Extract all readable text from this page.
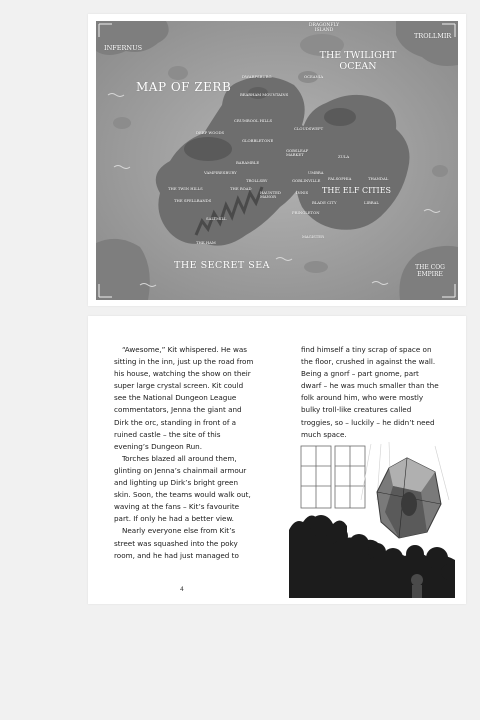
INFERNUS
TROLLMIR
DRAGONFLY ISLAND
THE TWILIGHT OCEAN
MAP OF ZERB
THE SECRET SEA	THE COG EMPIRE
THE ELF CITIES
DWARFSBURG
BEARHAM MOUNTAINS
CRUMBOOL HILLS
DEEP WOODS
GLOBBLETONE
GOBSLEAF MARKET
BARAMBLE
VAMPIRESBURY
THE TWIN HILLS
THE SPELLBANDS
THE ROAD
TROLLSBY
HAUNTED MANOR
SALTMILL
THE HAM
CLOUDSWEPT
UMBRA
ZULA
GOBLINVILLE FALSOPHIA	THANDAL
INNIS
BLADE CITY	LIBRAL
PRINGLETON
MAGISTER
OCEANIA

“Awesome,” Kit whispered. He was sitting in the inn, just up the road from his house, watching the show on their super large crystal screen. Kit could see the National Dungeon League commentators, Jenna the giant and Dirk the orc, standing in front of a ruined castle – the site of this evening’s Dungeon Run.

Torches blazed all around them, glinting on Jenna’s chainmail armour and lighting up Dirk’s bright green skin. Soon, the teams would walk out, waving at the fans – Kit’s favourite part. If only he had a better view.

Nearly everyone else from Kit’s street was squashed into the poky room, and he had just managed to

find himself a tiny scrap of space on the floor, crushed in against the wall. Being a gnorf – part gnome, part dwarf – he was much smaller than the folk around him, who were mostly bulky troll-like creatures called troggies, so – luckily – he didn’t need much space.

4
